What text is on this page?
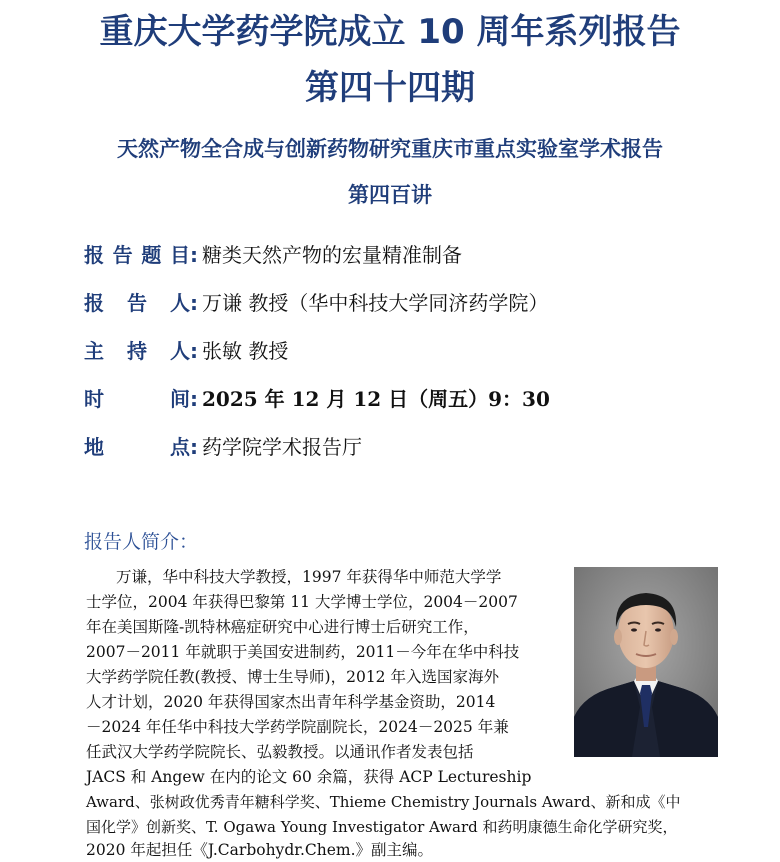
重庆大学药学院成立 10 周年系列报告
第四十四期
天然产物全合成与创新药物研究重庆市重点实验室学术报告
第四百讲
报告题目: 糖类天然产物的宏量精准制备
报告人: 万谦 教授（华中科技大学同济药学院）
主持人: 张敏 教授
时间: 2025 年 12 月 12 日（周五）9：30
地点: 药学院学术报告厅
报告人简介：
万谦，华中科技大学教授，1997 年获得华中师范大学学
士学位，2004 年获得巴黎第 11 大学博士学位，2004－2007
年在美国斯隆-凯特林癌症研究中心进行博士后研究工作，
2007－2011 年就职于美国安进制药，2011－今年在华中科技
大学药学院任教(教授、博士生导师)，2012 年入选国家海外
人才计划，2020 年获得国家杰出青年科学基金资助，2014
－2024 年任华中科技大学药学院副院长，2024－2025 年兼
任武汉大学药学院院长、弘毅教授。以通讯作者发表包括
JACS 和 Angew 在内的论文 60 余篇，获得 ACP Lectureship
Award、张树政优秀青年糖科学奖、Thieme Chemistry Journals Award、新和成《中
国化学》创新奖、T. Ogawa Young Investigator Award 和药明康德生命化学研究奖，
2020 年起担任《J.Carbohydr.Chem.》副主编。
